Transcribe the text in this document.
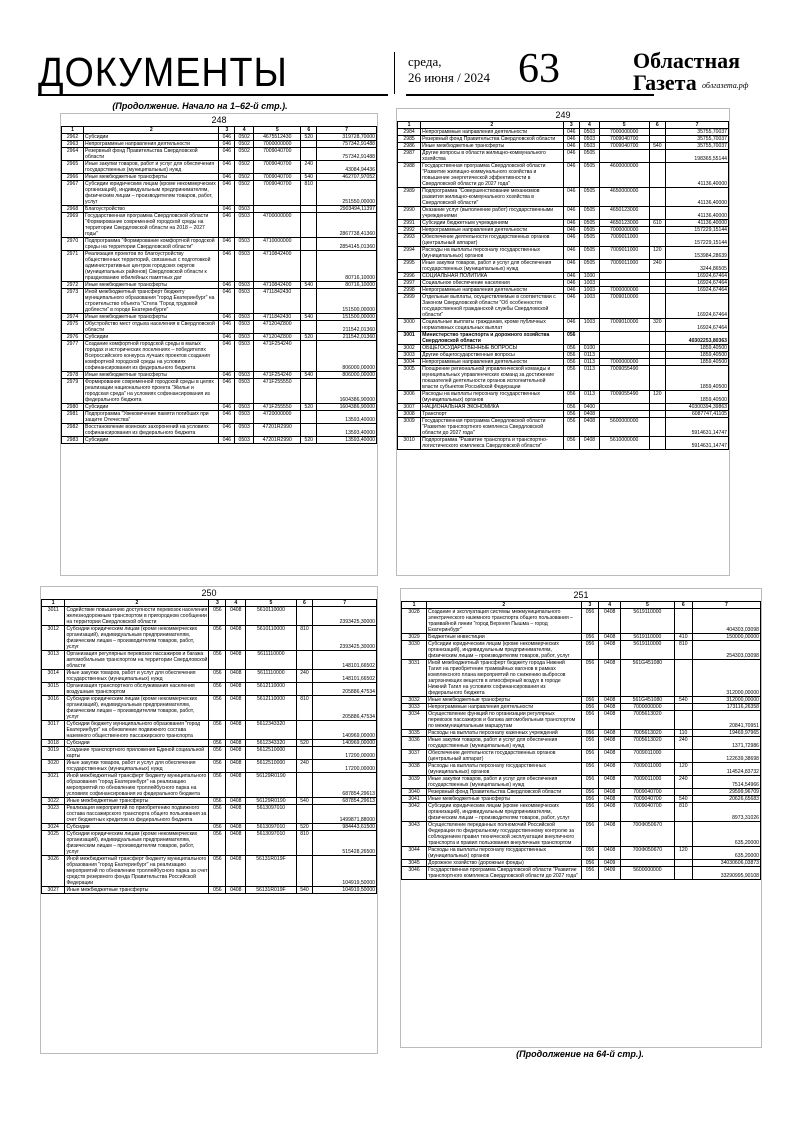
ДОКУМЕНТЫ	среда,
26 июня / 2024 63	Областная
Газета облгазета.рф
(Продолжение. Начало на 1–62-й стр.).
248
1	2	3	4	5	6	7
2962	Субсидии	046	0502	4675512430	520	319728,70000
2963	Непрограммные направления деятельности	046	0502	7000000000		757342,91488
2964	Резервный фонд Правительства Свердловской области	046	0502	7009040700		757342,91488
2965	Иные закупки товаров, работ и услуг для обеспечения государственных (муниципальных) нужд	046	0502	7009040700	240	43084,94436
2966	Иные межбюджетные трансферты	046	0502	7009040700	540	462707,97052
2967	Субсидии юридическим лицам (кроме некоммерческих организаций), индивидуальным предпринимателям, физическим лицам – производителям товаров, работ, услуг	046	0502	7009040700	810	251550,00000
2968	Благоустройство	046	0503			2903494,11397
2969	Государственная программа Свердловской области "Формирование современной городской среды на территории Свердловской области на 2018 – 2027 годы"	046	0503	4700000000		2867738,41360
2970	Подпрограмма "Формирование комфортной городской среды на территории Свердловской области"	046	0503	4710000000		2854145,01360
2971	Реализация проектов по благоустройству общественных территорий, связанных с подготовкой административных центров городских округов (муниципальных районов) Свердловской области к празднованию юбилейных памятных дат	046	0503	4710842400		80716,10000
2972	Иные межбюджетные трансферты	046	0503	4710842400	540	80716,10000
2973	Иной межбюджетный трансферт бюджету муниципального образования "город Екатеринбург" на строительство объекта "Стела "Город трудовой доблести" в городе Екатеринбурге"	046	0503	4711842430		151500,00000
2974	Иные межбюджетные трансферты	046	0503	4711842430	540	151500,00000
2975	Обустройство мест отдыха населения в Свердловской области	046	0503	471204Z800		211542,01360
2976	Субсидии	046	0503	471204Z800	520	211542,01360
2977	Создание комфортной городской среды в малых городах и исторических поселениях – победителях Всероссийского конкурса лучших проектов создания комфортной городской среды на условиях софинансирования из федерального бюджета	046	0503	471F254240		806000,00000
2978	Иные межбюджетные трансферты	046	0503	471F254240	540	806000,00000
2979	Формирование современной городской среды в целях реализации национального проекта "Жилье и городская среда" на условиях софинансирования из федерального бюджета	046	0503	471F255550		1604386,90000
2980	Субсидии	046	0503	471F255550	520	1604386,90000
2981	Подпрограмма "Увековечение памяти погибших при защите Отечества"	046	0503	4720000000		13593,40000
2982	Восстановление воинских захоронений на условиях софинансирования из федерального бюджета	046	0503	47201R2990		13593,40000
2983	Субсидии	046	0503	47201R2990	520	13593,40000
249
1	2	3	4	5	6	7
2984	Непрограммные направления деятельности	046	0503	7000000000		35755,70037
2985	Резервный фонд Правительства Свердловской области	046	0503	7009040700		35755,70037
2986	Иные межбюджетные трансферты	046	0503	7009040700	540	35755,70037
2987	Другие вопросы в области жилищно-коммунального хозяйства	046	0505			198365,55144
2988	Государственная программа Свердловской области "Развитие жилищно-коммунального хозяйства и повышение энергетической эффективности в Свердловской области до 2027 года"	046	0505	4600000000		41136,40000
2989	Подпрограмма "Совершенствование механизмов развития жилищно-коммунального хозяйства в Свердловской области"	046	0505	4650000000		41136,40000
2990	Оказание услуг (выполнение работ) государственными учреждениями	046	0505	4650123000		41136,40000
2991	Субсидии бюджетным учреждениям	046	0505	4650123000	610	41136,40000
2992	Непрограммные направления деятельности	046	0505	7000000000		157229,15144
2993	Обеспечение деятельности государственных органов (центральный аппарат)	046	0505	7009011000		157229,15144
2994	Расходы на выплаты персоналу государственных (муниципальных) органов	046	0505	7009011000	120	153984,28639
2995	Иные закупки товаров, работ и услуг для обеспечения государственных (муниципальных) нужд	046	0505	7009011000	240	3244,86505
2996	СОЦИАЛЬНАЯ ПОЛИТИКА	046	1000			16924,67464
2997	Социальное обеспечение населения	046	1003			16924,67464
2998	Непрограммные направления деятельности	046	1003	7000000000		16924,67464
2999	Отдельные выплаты, осуществляемые в соответствии с Законом Свердловской области "Об особенностях государственной гражданской службы Свердловской области"	046	1003	7009010000		16924,67464
3000	Социальные выплаты гражданам, кроме публичных нормативных социальных выплат	046	1003	7009010000	320	16924,67464
3001	Министерство транспорта и дорожного хозяйства Свердловской области	056				40302253,80363
3002	ОБЩЕГОСУДАРСТВЕННЫЕ ВОПРОСЫ	056	0100			1859,40500
3003	Другие общегосударственные вопросы	056	0113			1859,40500
3004	Непрограммные направления деятельности	056	0113	7000000000		1859,40500
3005	Поощрение региональной управленческой команды и муниципальных управленческих команд за достижение показателей деятельности органов исполнительной власти субъектов Российской Федерации	056	0113	7009055490		1859,40500
3006	Расходы на выплаты персоналу государственных (муниципальных) органов	056	0113	7009055490	120	1859,40500
3007	НАЦИОНАЛЬНАЯ ЭКОНОМИКА	056	0400			40300394,39863
3008	Транспорт	056	0408			6087747,41105
3009	Государственная программа Свердловской области "Развитие транспортного комплекса Свердловской области до 2027 года"	056	0408	5600000000		5914631,14747
3010	Подпрограмма "Развитие транспорта и транспортно-логистического комплекса Свердловской области"	056	0408	5610000000		5914631,14747
250
1	2	3	4	5	6	7
3011	Содействие повышению доступности перевозок населения железнодорожным транспортом в пригородном сообщении на территории Свердловской области	056	0408	5610110000		2393425,30000
3012	Субсидии юридическим лицам (кроме некоммерческих организаций), индивидуальным предпринимателям, физическим лицам – производителям товаров, работ, услуг	056	0408	5610110000	810	2393425,30000
3013	Организация регулярных перевозок пассажиров и багажа автомобильным транспортом на территории Свердловской области	056	0408	5611110000		148101,66502
3014	Иные закупки товаров, работ и услуг для обеспечения государственных (муниципальных) нужд	056	0408	5611110000	240	148101,66502
3015	Организация транспортного обслуживания населения воздушным транспортом	056	0408	5612110000		205886,47534
3016	Субсидии юридическим лицам (кроме некоммерческих организаций), индивидуальным предпринимателям, физическим лицам – производителям товаров, работ, услуг	056	0408	5612110000	810	205886,47534
3017	Субсидии бюджету муниципального образования "город Екатеринбург" на обновление подвижного состава наземного общественного пассажирского транспорта	056	0408	5612343320		140969,00000
3018	Субсидии	056	0408	5612343320	520	140969,00000
3019	Создание транспортного приложения Единой социальной карты	056	0408	5612510000		17200,00000
3020	Иные закупки товаров, работ и услуг для обеспечения государственных (муниципальных) нужд	056	0408	5612510000	240	17200,00000
3021	Иной межбюджетный трансферт бюджету муниципального образования "город Екатеринбург" на реализацию мероприятий по обновлению троллейбусного парка на условиях софинансирования из федерального бюджета	056	0408	56129R0190		687854,29613
3022	Иные межбюджетные трансферты	056	0408	56129R0190	540	687854,29613
3023	Реализация мероприятий по приобретению подвижного состава пассажирского транспорта общего пользования за счет бюджетных кредитов из федерального бюджета	056	0408	5613097010		1499871,88000
3024	Субсидии	056	0408	5613097010	520	984443,61500
3025	Субсидии юридическим лицам (кроме некоммерческих организаций), индивидуальным предпринимателям, физическим лицам – производителям товаров, работ, услуг	056	0408	5613097010	810	515428,26500
3026	Иной межбюджетный трансферт бюджету муниципального образования "город Екатеринбург" на реализацию мероприятий по обновлению троллейбусного парка за счет средств резервного фонда Правительства Российской Федерации	056	0408	56131R019F		104919,50000
3027	Иные межбюджетные трансферты	056	0408	56131R019F	540	104919,50000
251
1	2	3	4	5	6	7
3028	Создание и эксплуатация системы межмуниципального электрического наземного транспорта общего пользования – трамвайной линии "город Верхняя Пышма – город Екатеринбург"	056	0408	5619110000		404303,03098
3029	Бюджетные инвестиции	056	0408	5619110000	410	150000,00000
3030	Субсидии юридическим лицам (кроме некоммерческих организаций), индивидуальным предпринимателям, физическим лицам – производителям товаров, работ, услуг	056	0408	5619110000	810	254303,03098
3031	Иной межбюджетный трансферт бюджету города Нижний Тагил на приобретение трамвайных вагонов в рамках комплексного плана мероприятий по снижению выбросов загрязняющих веществ в атмосферный воздух в городе Нижний Тагил на условиях софинансирования из федерального бюджета	056	0408	561G451080		312000,00000
3032	Иные межбюджетные трансферты	056	0408	561G451080	540	312000,00000
3033	Непрограммные направления деятельности	056	0408	7000000000		173116,26358
3034	Осуществление функций по организации регулярных перевозок пассажиров и багажа автомобильным транспортом по межмуниципальным маршрутам	056	0408	7005613020		20841,70951
3035	Расходы на выплаты персоналу казенных учреждений	056	0408	7005613020	110	19469,97965
3036	Иные закупки товаров, работ и услуг для обеспечения государственных (муниципальных) нужд	056	0408	7005613020	240	1371,72986
3037	Обеспечение деятельности государственных органов (центральный аппарат)	056	0408	7009011000		122639,38698
3038	Расходы на выплаты персоналу государственных (муниципальных) органов	056	0408	7009011000	120	114524,83732
3039	Иные закупки товаров, работ и услуг для обеспечения государственных (муниципальных) нужд	056	0408	7009011000	240	7514,54966
3040	Резервный фонд Правительства Свердловской области	056	0408	7009040700		29599,96709
3041	Иные межбюджетные трансферты	056	0408	7009040700	540	20626,65683
3042	Субсидии юридическим лицам (кроме некоммерческих организаций), индивидуальным предпринимателям, физическим лицам – производителям товаров, работ, услуг	056	0408	7009040700	810	8973,31026
3043	Осуществление переданных полномочий Российской Федерации по федеральному государственному контролю за соблюдением правил технической эксплуатации внеуличного транспорта и правил пользования внеуличным транспортом	056	0408	700Ф050670		635,20000
3044	Расходы на выплаты персоналу государственных (муниципальных) органов	056	0408	700Ф050670	120	635,20000
3045	Дорожное хозяйство (дорожные фонды)	056	0409			34030606,03873
3046	Государственная программа Свердловской области "Развитие транспортного комплекса Свердловской области до 2027 года"	056	0409	5600000000		33290995,90108
(Продолжение на 64-й стр.).
